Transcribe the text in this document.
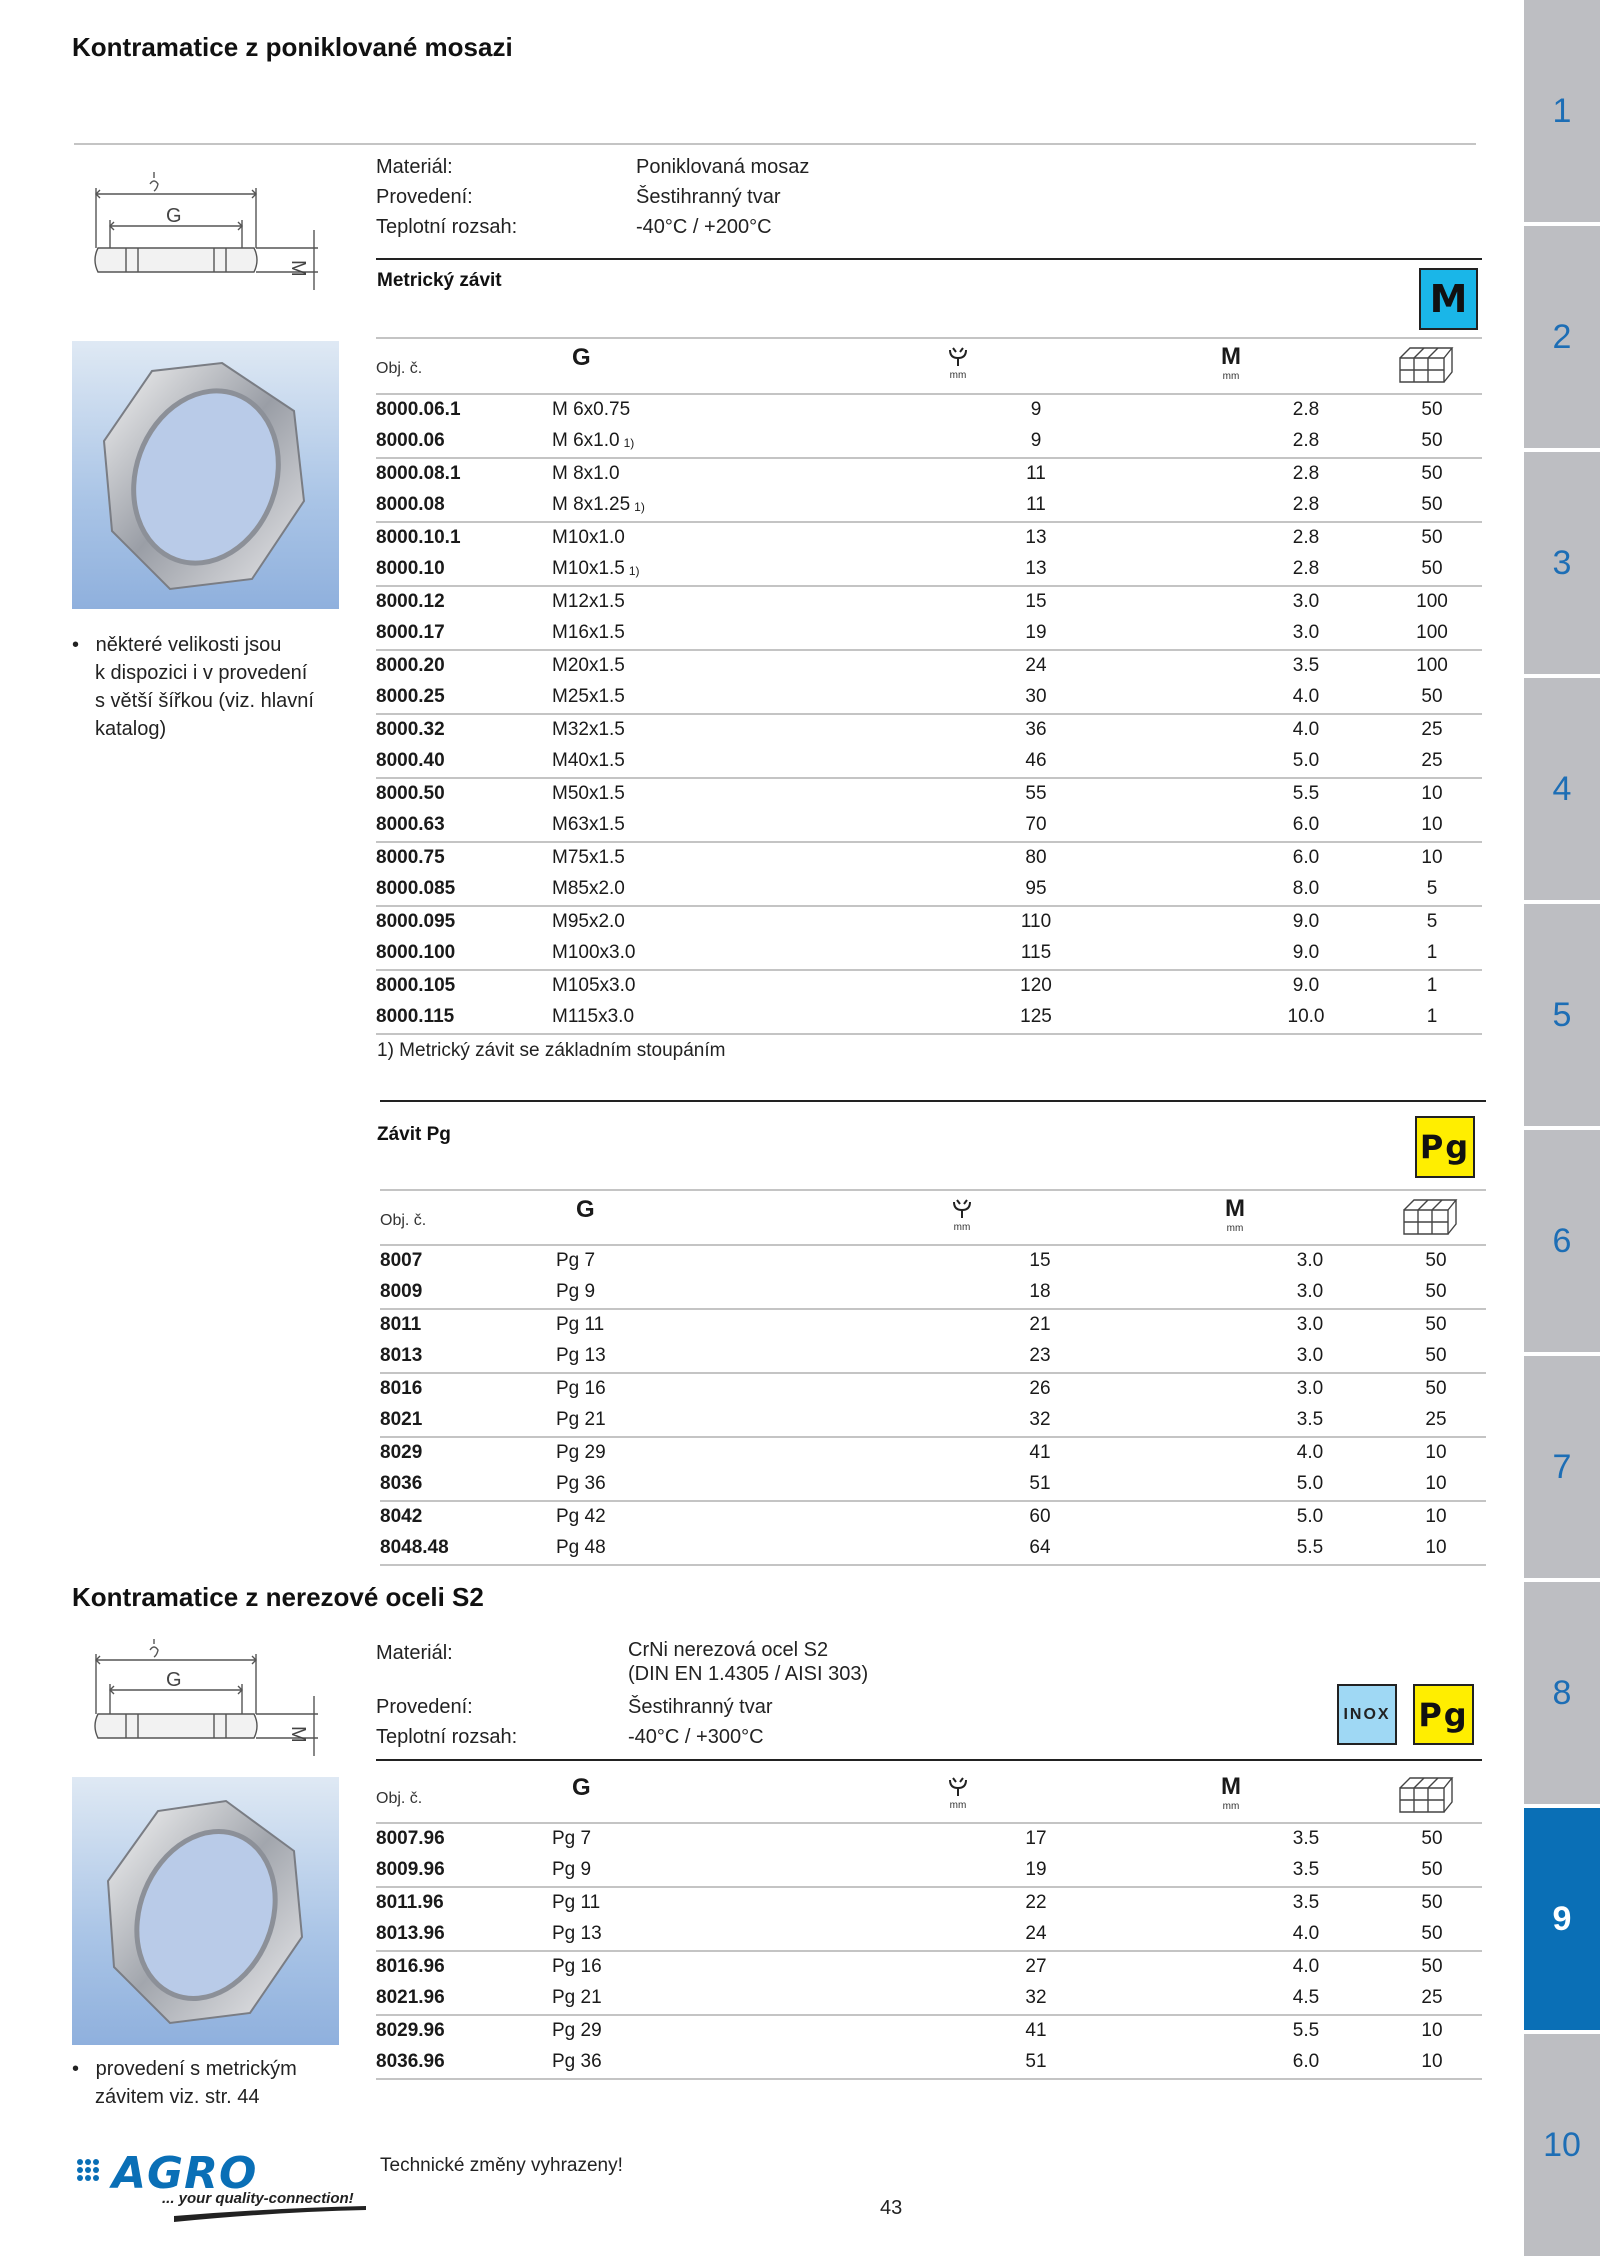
Kontramatice z poniklované mosazi
G
M
•   některé velikosti jsou
k dispozici i v provedení
s větší šířkou (viz. hlavní
katalog)
Materiál:	Poniklovaná mosaz
Provedení:	Šestihranný tvar
Teplotní rozsah:	-40°C / +200°C
Metrický závit	M
Obj. č.	G
mm
M
mm
8000.06.1	M 6x0.75	9	2.8	50
8000.06	M 6x1.0 $^{1)}$	9	2.8	50
8000.08.1	M 8x1.0	11	2.8	50
8000.08	M 8x1.25 $^{1)}$	11	2.8	50
8000.10.1	M10x1.0	13	2.8	50
8000.10	M10x1.5 $^{1)}$	13	2.8	50
8000.12	M12x1.5	15	3.0	100
8000.17	M16x1.5	19	3.0	100
8000.20	M20x1.5	24	3.5	100
8000.25	M25x1.5	30	4.0	50
8000.32	M32x1.5	36	4.0	25
8000.40	M40x1.5	46	5.0	25
8000.50	M50x1.5	55	5.5	10
8000.63	M63x1.5	70	6.0	10
8000.75	M75x1.5	80	6.0	10
8000.085	M85x2.0	95	8.0	5
8000.095	M95x2.0	110	9.0	5
8000.100	M100x3.0	115	9.0	1
8000.105	M105x3.0	120	9.0	1
8000.115	M115x3.0	125	10.0	1
1) Metrický závit se základním stoupáním
Závit Pg	Pg
Obj. č.	G
mm
M
mm
8007	Pg 7	15	3.0	50
8009	Pg 9	18	3.0	50
8011	Pg 11	21	3.0	50
8013	Pg 13	23	3.0	50
8016	Pg 16	26	3.0	50
8021	Pg 21	32	3.5	25
8029	Pg 29	41	4.0	10
8036	Pg 36	51	5.0	10
8042	Pg 42	60	5.0	10
8048.48	Pg 48	64	5.5	10
Kontramatice z nerezové oceli S2
G
M
•   provedení s metrickým
závitem viz. str. 44
Materiál:	CrNi nerezová ocel S2
(DIN EN 1.4305 / AISI 303)
Provedení:	Šestihranný tvar
Teplotní rozsah:	-40°C / +300°C
INOX Pg
Obj. č.	G
mm
M
mm
8007.96	Pg 7	17	3.5	50
8009.96	Pg 9	19	3.5	50
8011.96	Pg 11	22	3.5	50
8013.96	Pg 13	24	4.0	50
8016.96	Pg 16	27	4.0	50
8021.96	Pg 21	32	4.5	25
8029.96	Pg 29	41	5.5	10
8036.96	Pg 36	51	6.0	10
AGRO
... your quality-connection!
Technické změny vyhrazeny!
43
1
2
3
4
5
6
7
8
9
10
